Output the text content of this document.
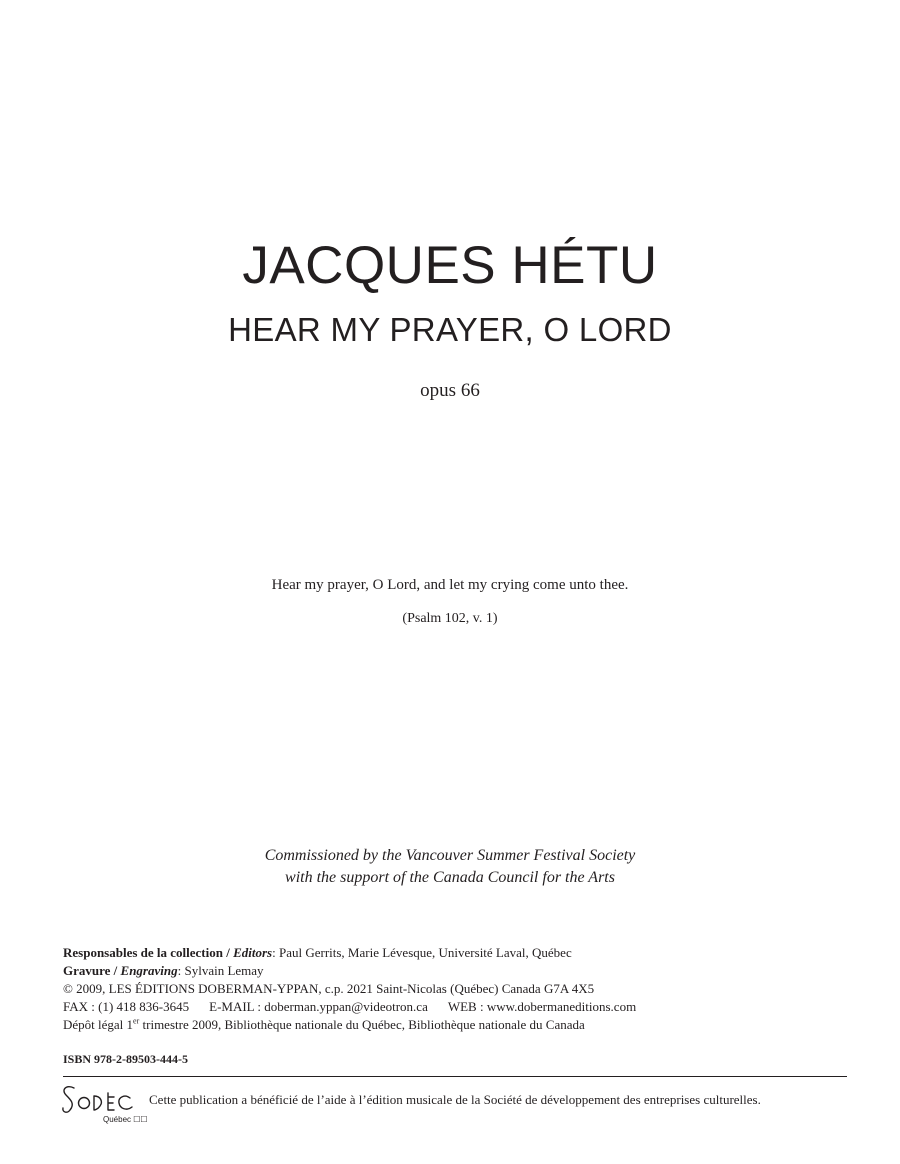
JACQUES HÉTU
HEAR MY PRAYER, O LORD
opus 66
Hear my prayer, O Lord, and let my crying come unto thee.
(Psalm 102, v. 1)
Commissioned by the Vancouver Summer Festival Society
with the support of the Canada Council for the Arts
Responsables de la collection / Editors: Paul Gerrits, Marie Lévesque, Université Laval, Québec
Gravure / Engraving: Sylvain Lemay
© 2009, LES ÉDITIONS DOBERMAN-YPPAN, c.p. 2021 Saint-Nicolas (Québec) Canada G7A 4X5
FAX : (1) 418 836-3645 E-MAIL : doberman.yppan@videotron.ca WEB : www.dobermaneditions.com
Dépôt légal 1er trimestre 2009, Bibliothèque nationale du Québec, Bibliothèque nationale du Canada
ISBN 978-2-89503-444-5
Québec ☐☐
Cette publication a bénéficié de l’aide à l’édition musicale de la Société de développement des entreprises culturelles.
